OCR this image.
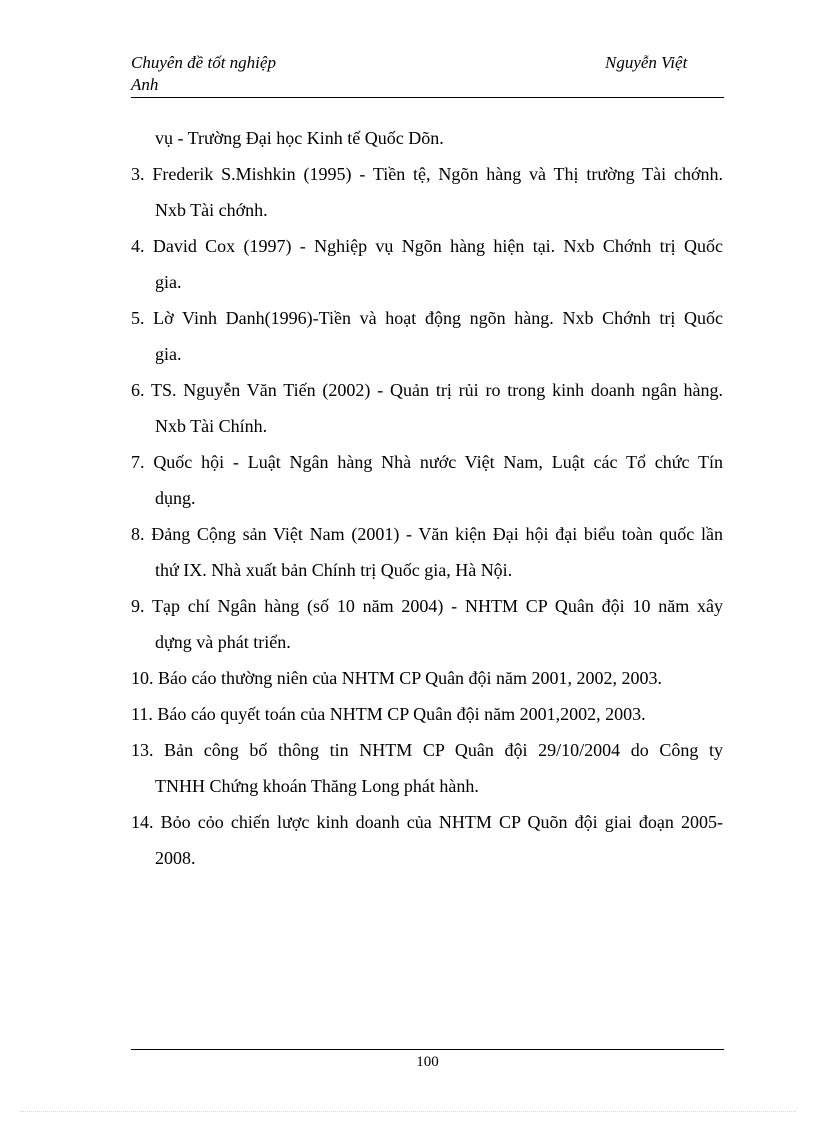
Chuyên đề tốt nghiệp
Anh
Nguyễn Việt
vụ - Trường Đại học Kinh tế Quốc Dõn.
3. Frederik S.Mishkin (1995) - Tiền tệ, Ngõn hàng và Thị trường Tài chớnh.
Nxb Tài chớnh.
4. David Cox (1997) - Nghiệp vụ Ngõn hàng hiện tại. Nxb Chớnh trị Quốc
gia.
5. Lờ Vinh Danh(1996)-Tiền và hoạt động ngõn hàng. Nxb Chớnh trị Quốc
gia.
6. TS. Nguyễn Văn Tiến (2002) - Quản trị rủi ro trong kinh doanh ngân hàng.
Nxb Tài Chính.
7. Quốc hội - Luật Ngân hàng Nhà nước Việt Nam, Luật các Tổ chức Tín
dụng.
8. Đảng Cộng sản Việt Nam (2001) - Văn kiện Đại hội đại biểu toàn quốc lần
thứ IX. Nhà xuất bản Chính trị Quốc gia, Hà Nội.
9. Tạp chí Ngân hàng (số 10 năm 2004) - NHTM CP Quân đội 10 năm xây
dựng và phát triển.
10. Báo cáo thường niên của NHTM CP Quân đội năm 2001, 2002, 2003.
11. Báo cáo quyết toán của NHTM CP Quân đội năm 2001,2002, 2003.
13. Bản công bố thông tin NHTM CP Quân đội 29/10/2004 do Công ty
TNHH Chứng khoán Thăng Long phát hành.
14. Bỏo cỏo chiến lược kinh doanh của NHTM CP Quõn đội giai đoạn 2005-
2008.
100
